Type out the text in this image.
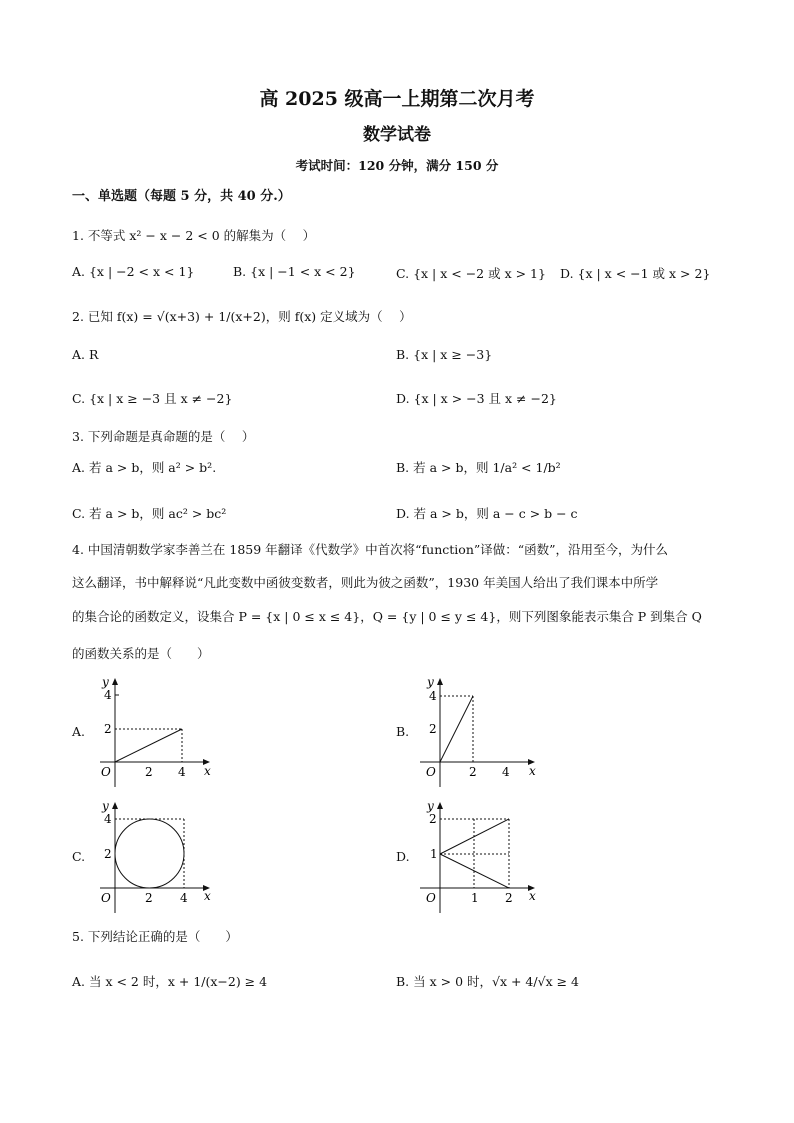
高 2025 级高一上期第二次月考
数学试卷
考试时间：120 分钟，满分 150 分
一、单选题（每题 5 分，共 40 分.）
1. 不等式 x² − x − 2 < 0 的解集为（　 ）
A. {x | −2 < x < 1}	B. {x | −1 < x < 2}	C. {x | x < −2 或 x > 1} D. {x | x < −1 或 x > 2}
2. 已知 f(x) = √(x+3) + 1/(x+2)，则 f(x) 定义域为（　 ）
A. R	B. {x | x ≥ −3}
C. {x | x ≥ −3 且 x ≠ −2}	D. {x | x > −3 且 x ≠ −2}
3. 下列命题是真命题的是（　 ）
A. 若 a > b，则 a² > b².	B. 若 a > b，则 1/a² < 1/b²
C. 若 a > b，则 ac² > bc²	D. 若 a > b，则 a − c > b − c
4. 中国清朝数学家李善兰在 1859 年翻译《代数学》中首次将“function”译做：“函数”，沿用至今，为什么
这么翻译，书中解释说“凡此变数中函彼变数者，则此为彼之函数”，1930 年美国人给出了我们课本中所学
的集合论的函数定义，设集合 P = {x | 0 ≤ x ≤ 4}，Q = {y | 0 ≤ y ≤ 4}，则下列图象能表示集合 P 到集合 Q
的函数关系的是（　　）
A.
y
x
O	2 4
2
4
B.
y
x
O	2 4
2
4
C.
y
x
O	2 4
2
4
D.
y
x
O	1 2
1
2
5. 下列结论正确的是（　　）
A. 当 x < 2 时，x + 1/(x−2) ≥ 4	B. 当 x > 0 时，√x + 4/√x ≥ 4
